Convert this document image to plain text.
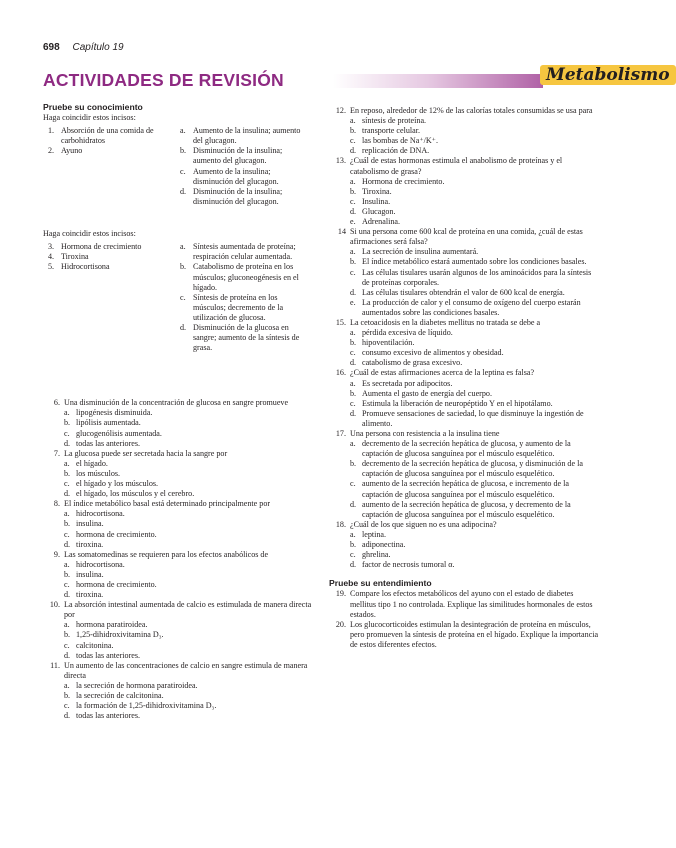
698 Capítulo 19
ACTIVIDADES DE REVISIÓN	Metabolismo
Pruebe su conocimiento
Haga coincidir estos incisos:
1. Absorción de una comida de carbohidratos
2. Ayuno
a. Aumento de la insulina; aumento del glucagon.
b. Disminución de la insulina; aumento del glucagon.
c. Aumento de la insulina; disminución del glucagon.
d. Disminución de la insulina; disminución del glucagon.
Haga coincidir estos incisos:
3. Hormona de crecimiento
4. Tiroxina
5. Hidrocortisona
a. Síntesis aumentada de proteína; respiración celular aumentada.
b. Catabolismo de proteína en los músculos; gluconeogénesis en el hígado.
c. Síntesis de proteína en los músculos; decremento de la utilización de glucosa.
d. Disminución de la glucosa en sangre; aumento de la síntesis de grasa.
6. Una disminución de la concentración de glucosa en sangre promueve
a. lipogénesis disminuida.
b. lipólisis aumentada.
c. glucogenólisis aumentada.
d. todas las anteriores.
7. La glucosa puede ser secretada hacia la sangre por
a. el hígado.
b. los músculos.
c. el hígado y los músculos.
d. el hígado, los músculos y el cerebro.
8. El índice metabólico basal está determinado principalmente por
a. hidrocortisona.
b. insulina.
c. hormona de crecimiento.
d. tiroxina.
9. Las somatomedinas se requieren para los efectos anabólicos de
a. hidrocortisona.
b. insulina.
c. hormona de crecimiento.
d. tiroxina.
10. La absorción intestinal aumentada de calcio es estimulada de manera directa por
a. hormona paratiroidea.
b. 1,25-dihidroxivitamina D₃.
c. calcitonina.
d. todas las anteriores.
11. Un aumento de las concentraciones de calcio en sangre estimula de manera directa
a. la secreción de hormona paratiroidea.
b. la secreción de calcitonina.
c. la formación de 1,25-dihidroxivitamina D₃.
d. todas las anteriores.
12. En reposo, alrededor de 12% de las calorías totales consumidas se usa para
a. síntesis de proteína.
b. transporte celular.
c. las bombas de Na⁺/K⁺.
d. replicación de DNA.
13. ¿Cuál de estas hormonas estimula el anabolismo de proteínas y el catabolismo de grasa?
a. Hormona de crecimiento.
b. Tiroxina.
c. Insulina.
d. Glucagon.
e. Adrenalina.
14 Si una persona come 600 kcal de proteína en una comida, ¿cuál de estas afirmaciones será falsa?
a. La secreción de insulina aumentará.
b. El índice metabólico estará aumentado sobre los condiciones basales.
c. Las células tisulares usarán algunos de los aminoácidos para la síntesis de proteínas corporales.
d. Las células tisulares obtendrán el valor de 600 kcal de energía.
e. La producción de calor y el consumo de oxígeno del cuerpo estarán aumentados sobre las condiciones basales.
15. La cetoacidosis en la diabetes mellitus no tratada se debe a
a. pérdida excesiva de líquido.
b. hipoventilación.
c. consumo excesivo de alimentos y obesidad.
d. catabolismo de grasa excesivo.
16. ¿Cuál de estas afirmaciones acerca de la leptina es falsa?
a. Es secretada por adipocitos.
b. Aumenta el gasto de energía del cuerpo.
c. Estimula la liberación de neuropéptido Y en el hipotálamo.
d. Promueve sensaciones de saciedad, lo que disminuye la ingestión de alimento.
17. Una persona con resistencia a la insulina tiene
a. decremento de la secreción hepática de glucosa, y aumento de la captación de glucosa sanguínea por el músculo esquelético.
b. decremento de la secreción hepática de glucosa, y disminución de la captación de glucosa sanguínea por el músculo esquelético.
c. aumento de la secreción hepática de glucosa, e incremento de la captación de glucosa sanguínea por el músculo esquelético.
d. aumento de la secreción hepática de glucosa, y decremento de la captación de glucosa sanguínea por el músculo esquelético.
18. ¿Cuál de los que siguen no es una adipocina?
a. leptina.
b. adiponectina.
c. ghrelina.
d. factor de necrosis tumoral α.
Pruebe su entendimiento
19. Compare los efectos metabólicos del ayuno con el estado de diabetes mellitus tipo 1 no controlada. Explique las similitudes hormonales de estos estados.
20. Los glucocorticoides estimulan la desintegración de proteína en músculos, pero promueven la síntesis de proteína en el hígado. Explique la importancia de estos diferentes efectos.
